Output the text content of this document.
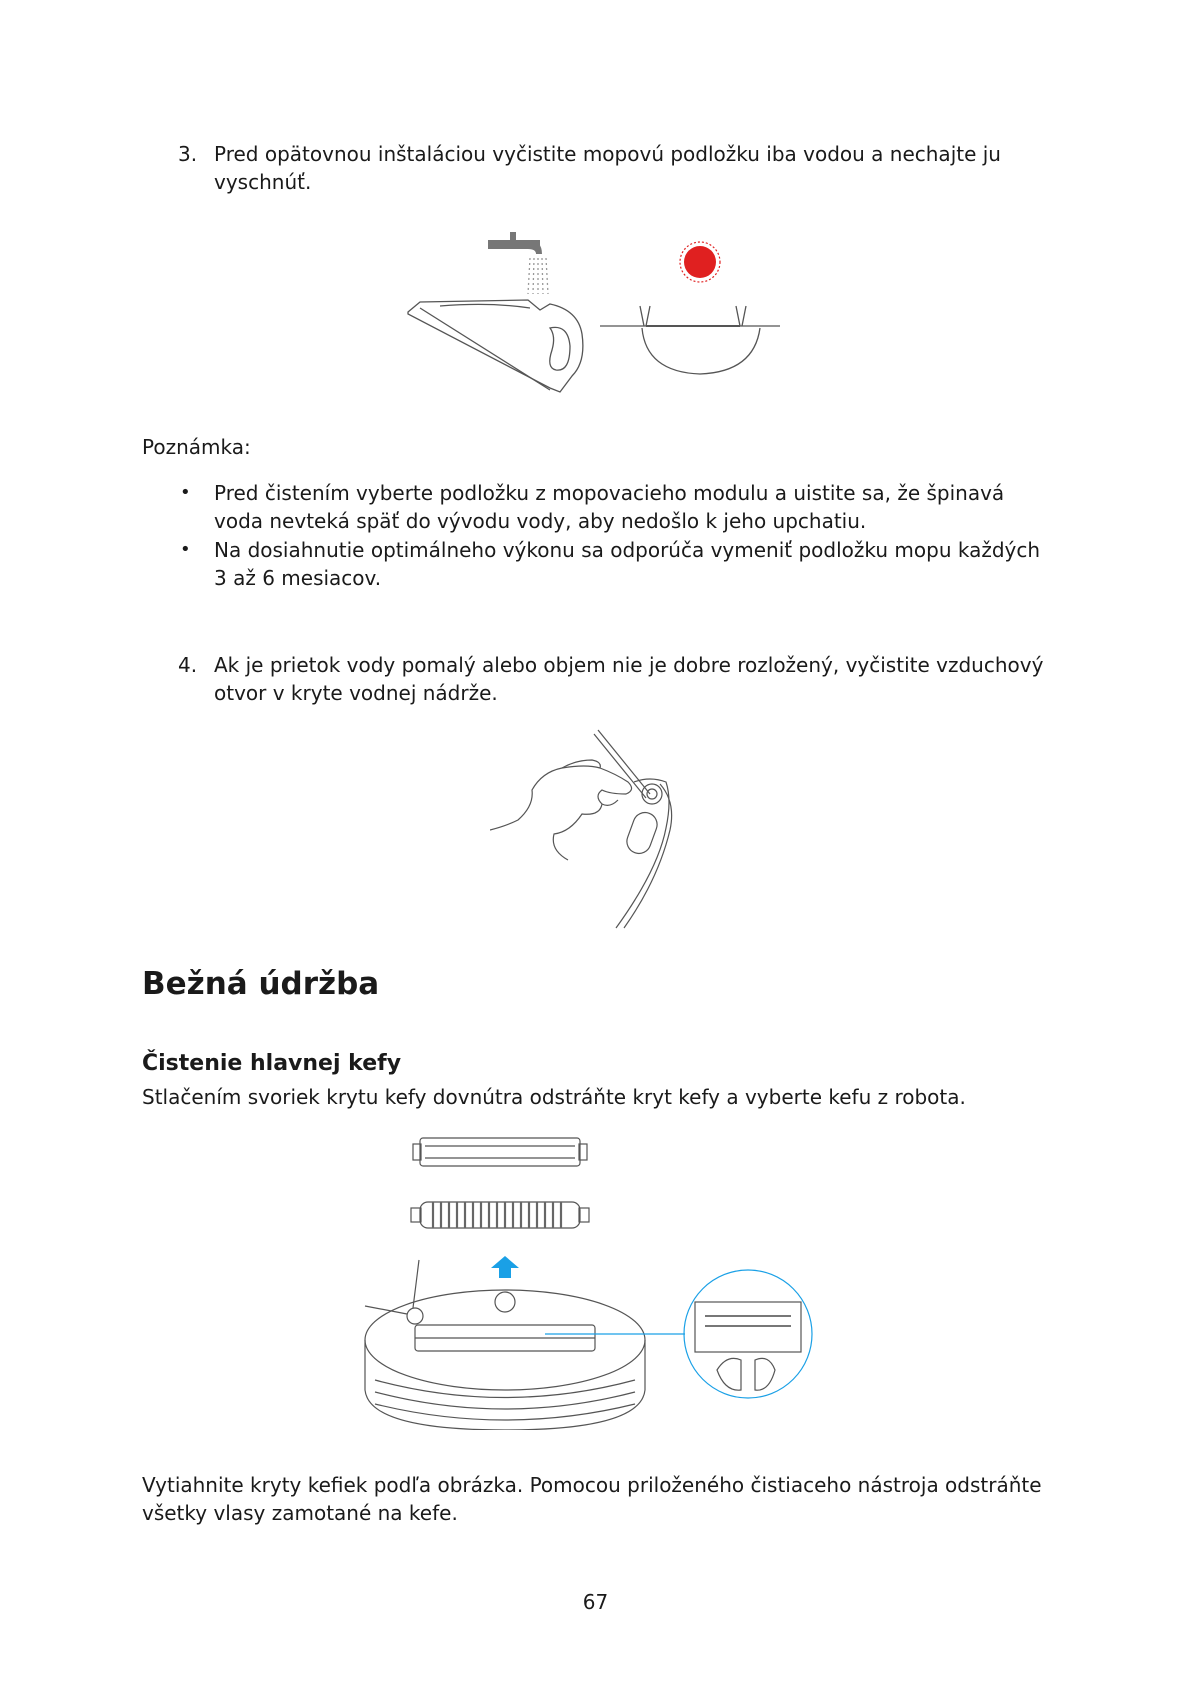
3. Pred opätovnou inštaláciou vyčistite mopovú podložku iba vodou a nechajte ju

vyschnúť.

Poznámka:

• Pred čistením vyberte podložku z mopovacieho modulu a uistite sa, že špinavá

voda nevteká späť do vývodu vody, aby nedošlo k jeho upchatiu.

• Na dosiahnutie optimálneho výkonu sa odporúča vymeniť podložku mopu každých

3 až 6 mesiacov.

4. Ak je prietok vody pomalý alebo objem nie je dobre rozložený, vyčistite vzduchový

otvor v kryte vodnej nádrže.

Bežná údržba
Čistenie hlavnej kefy

Stlačením svoriek krytu kefy dovnútra odstráňte kryt kefy a vyberte kefu z robota.

Vytiahnite kryty kefiek podľa obrázka. Pomocou priloženého čistiaceho nástroja odstráňte

všetky vlasy zamotané na kefe.

67
